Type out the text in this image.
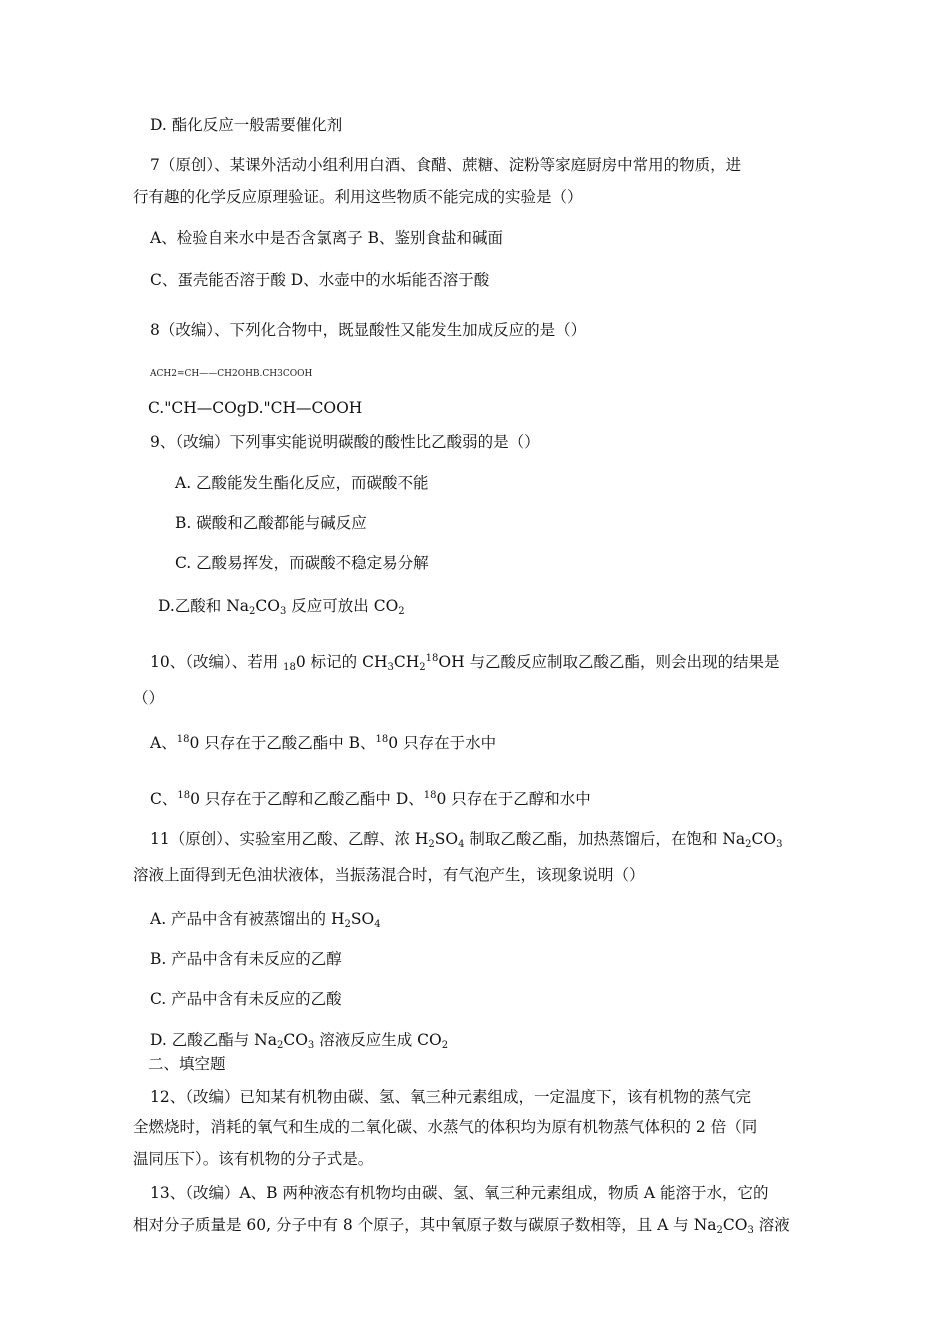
D. 酯化反应一般需要催化剂
7（原创）、某课外活动小组利用白酒、食醋、蔗糖、淀粉等家庭厨房中常用的物质，进
行有趣的化学反应原理验证。利用这些物质不能完成的实验是（）
A、检验自来水中是否含氯离子 B、鉴别食盐和碱面
C、蛋壳能否溶于酸 D、水壶中的水垢能否溶于酸
8（改编）、下列化合物中，既显酸性又能发生加成反应的是（）
ACH2=CH——CH2OHB.CH3COOH
C."CH—COgD."CH—COOH
9、（改编）下列事实能说明碳酸的酸性比乙酸弱的是（）
A. 乙酸能发生酯化反应，而碳酸不能
B. 碳酸和乙酸都能与碱反应
C. 乙酸易挥发，而碳酸不稳定易分解
D.乙酸和 $Na_2CO_3$ 反应可放出 $CO_2$
10、（改编）、若用 $_{18}$0 标记的 $CH_3CH_2^{18}OH$ 与乙酸反应制取乙酸乙酯，则会出现的结果是
（）
A、$^{18}$0 只存在于乙酸乙酯中 B、$^{18}$0 只存在于水中
C、$^{18}$0 只存在于乙醇和乙酸乙酯中 D、$^{18}$0 只存在于乙醇和水中
11（原创）、实验室用乙酸、乙醇、浓 $H_2SO_4$ 制取乙酸乙酯，加热蒸馏后，在饱和 $Na_2CO_3$
溶液上面得到无色油状液体，当振荡混合时，有气泡产生，该现象说明（）
A. 产品中含有被蒸馏出的 $H_2SO_4$
B. 产品中含有未反应的乙醇
C. 产品中含有未反应的乙酸
D. 乙酸乙酯与 $Na_2CO_3$ 溶液反应生成 $CO_2$
二、填空题
12、（改编）已知某有机物由碳、氢、氧三种元素组成，一定温度下，该有机物的蒸气完
全燃烧时，消耗的氧气和生成的二氧化碳、水蒸气的体积均为原有机物蒸气体积的 2 倍（同
温同压下）。该有机物的分子式是。
13、（改编）A、B 两种液态有机物均由碳、氢、氧三种元素组成，物质 A 能溶于水，它的
相对分子质量是 60, 分子中有 8 个原子，其中氧原子数与碳原子数相等，且 A 与 $Na_2CO_3$ 溶液
